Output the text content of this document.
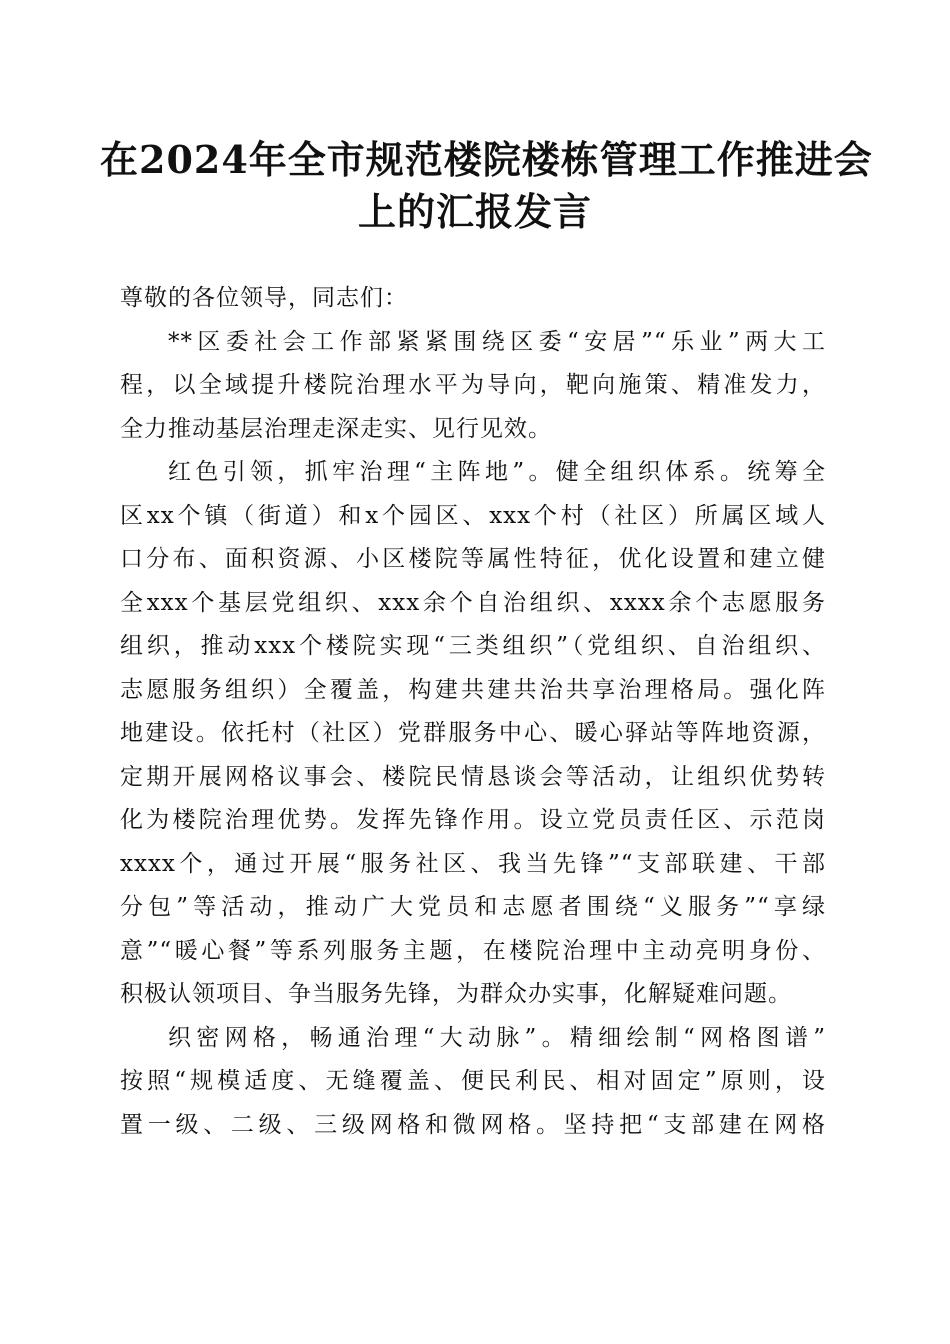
在2024年全市规范楼院楼栋管理工作推进会
上的汇报发言
尊敬的各位领导，同志们：
**区委社会工作部紧紧围绕区委“安居”“乐业”两大工
程，以全域提升楼院治理水平为导向，靶向施策、精准发力，
全力推动基层治理走深走实、见行见效。
红色引领，抓牢治理“主阵地”。健全组织体系。统筹全
区xx个镇（街道）和x个园区、xxx个村（社区）所属区域人
口分布、面积资源、小区楼院等属性特征，优化设置和建立健
全xxx个基层党组织、xxx余个自治组织、xxxx余个志愿服务
组织，推动xxx个楼院实现“三类组织”（党组织、自治组织、
志愿服务组织）全覆盖，构建共建共治共享治理格局。强化阵
地建设。依托村（社区）党群服务中心、暖心驿站等阵地资源，
定期开展网格议事会、楼院民情恳谈会等活动，让组织优势转
化为楼院治理优势。发挥先锋作用。设立党员责任区、示范岗
xxxx个，通过开展“服务社区、我当先锋”“支部联建、干部
分包”等活动，推动广大党员和志愿者围绕“义服务”“享绿
意”“暖心餐”等系列服务主题，在楼院治理中主动亮明身份、
积极认领项目、争当服务先锋，为群众办实事，化解疑难问题。
织密网格，畅通治理“大动脉”。精细绘制“网格图谱”
按照“规模适度、无缝覆盖、便民利民、相对固定”原则，设
置一级、二级、三级网格和微网格。坚持把“支部建在网格
